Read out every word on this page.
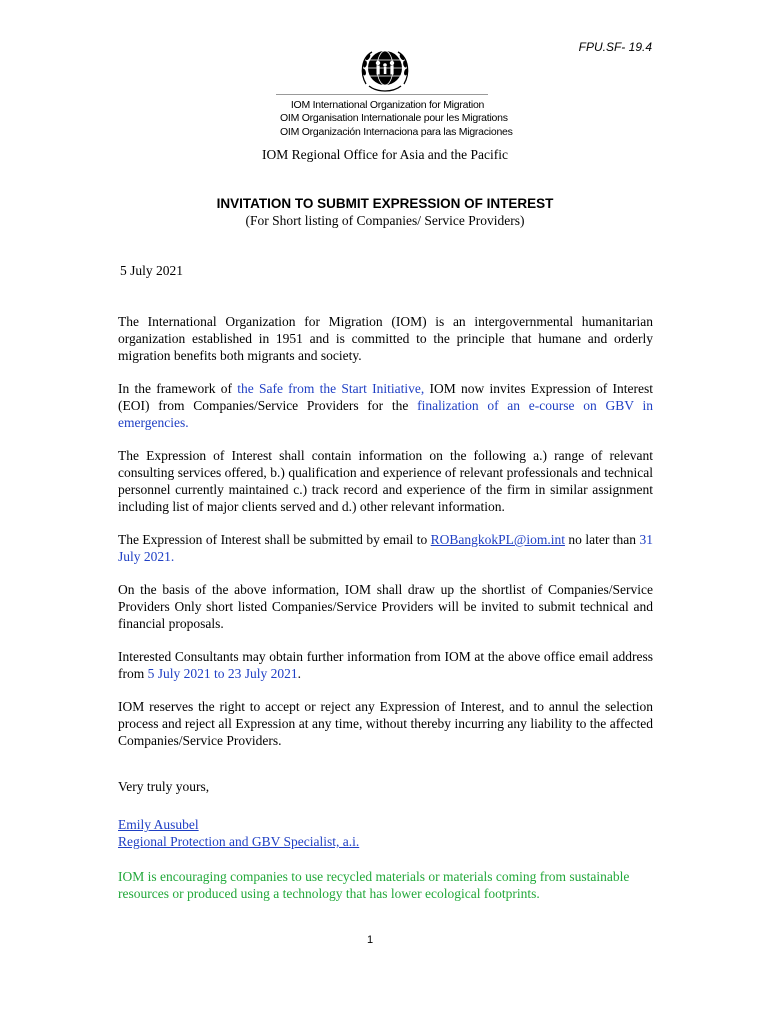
FPU.SF- 19.4
IOM International Organization for Migration
OIM Organisation Internationale pour les Migrations
OIM Organización Internaciona para las Migraciones
IOM Regional Office for Asia and the Pacific
INVITATION TO SUBMIT EXPRESSION OF INTEREST
(For Short listing of Companies/ Service Providers)
5 July 2021

The International Organization for Migration (IOM) is an intergovernmental humanitarian organization established in 1951 and is committed to the principle that humane and orderly migration benefits both migrants and society.

In the framework of the Safe from the Start Initiative, IOM now invites Expression of Interest (EOI) from Companies/Service Providers for the finalization of an e-course on GBV in emergencies.

The Expression of Interest shall contain information on the following a.) range of relevant consulting services offered, b.) qualification and experience of relevant professionals and technical personnel currently maintained c.) track record and experience of the firm in similar assignment including list of major clients served and d.) other relevant information.

The Expression of Interest shall be submitted by email to ROBangkokPL@iom.int no later than 31 July 2021.

On the basis of the above information, IOM shall draw up the shortlist of Companies/Service Providers Only short listed Companies/Service Providers will be invited to submit technical and financial proposals.

Interested Consultants may obtain further information from IOM at the above office email address from 5 July 2021 to 23 July 2021.

IOM reserves the right to accept or reject any Expression of Interest, and to annul the selection process and reject all Expression at any time, without thereby incurring any liability to the affected Companies/Service Providers.

Very truly yours,

Emily Ausubel
Regional Protection and GBV Specialist, a.i.

IOM is encouraging companies to use recycled materials or materials coming from sustainable resources or produced using a technology that has lower ecological footprints.

1
